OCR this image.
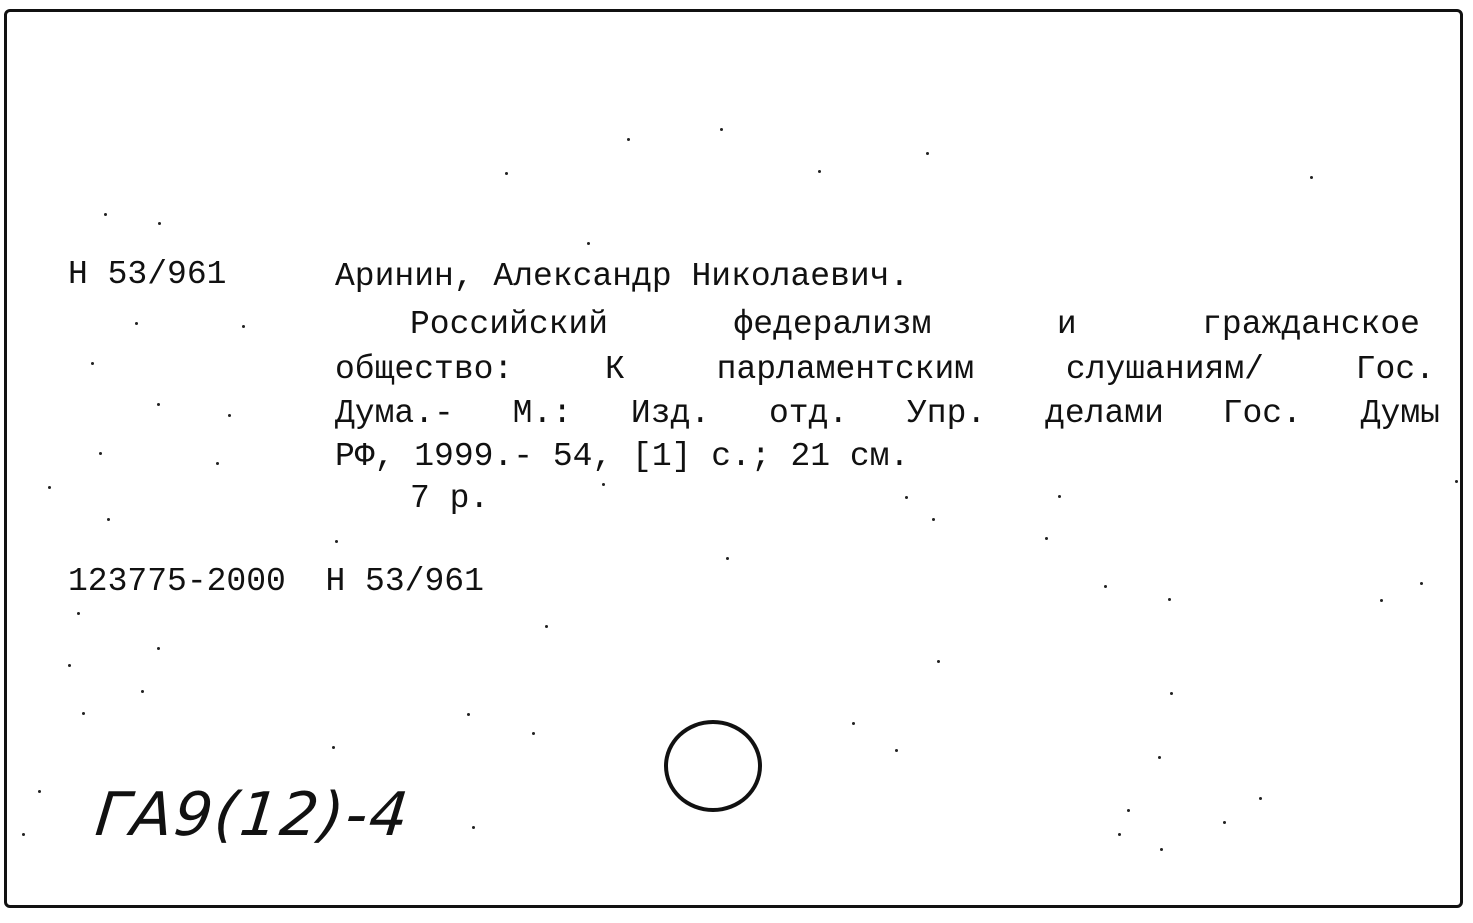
Н 53/961	Аринин, Александр Николаевич.
Российский	федерализм	и	гражданское
общество:	К	парламентским	слушаниям/	Гос.
Дума.- М.: Изд. отд. Упр. делами Гос. Думы
РФ, 1999.- 54, [1] с.; 21 см.
7 р.
123775-2000  Н 53/961
ГА9(12)-4
